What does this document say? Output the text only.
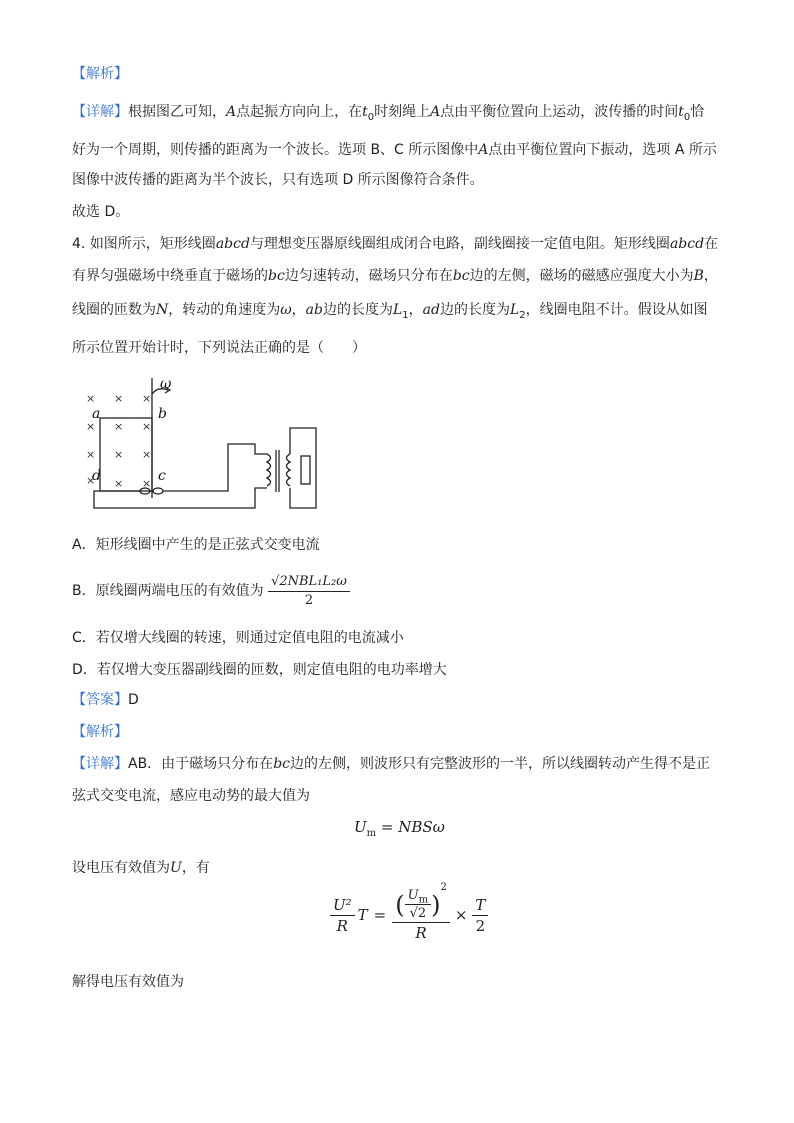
【解析】
【详解】根据图乙可知，A点起振方向向上，在$t_0$时刻绳上A点由平衡位置向上运动，波传播的时间$t_0$恰
好为一个周期，则传播的距离为一个波长。选项 B、C 所示图像中A点由平衡位置向下振动，选项 A 所示
图像中波传播的距离为半个波长，只有选项 D 所示图像符合条件。
故选 D。
4. 如图所示，矩形线圈abcd与理想变压器原线圈组成闭合电路，副线圈接一定值电阻。矩形线圈abcd在
有界匀强磁场中绕垂直于磁场的bc边匀速转动，磁场只分布在bc边的左侧，磁场的磁感应强度大小为B，
线圈的匝数为N，转动的角速度为ω，ab边的长度为$L_1$，ad边的长度为$L_2$，线圈电阻不计。假设从如图
所示位置开始计时，下列说法正确的是（　　）
ω
a	b
d	c
× × ×
× × ×
× × ×
× × ×
A．矩形线圈中产生的是正弦式交变电流
B．原线圈两端电压的有效值为 $\frac{\text{√2NBL₁L₂ω}}{2}$
C．若仅增大线圈的转速，则通过定值电阻的电流减小
D．若仅增大变压器副线圈的匝数，则定值电阻的电功率增大
【答案】D
【解析】
【详解】AB．由于磁场只分布在bc边的左侧，则波形只有完整波形的一半，所以线圈转动产生得不是正
弦式交变电流，感应电动势的最大值为
$U_m = NBS\omega$
设电压有效值为U，有
$\frac{\text{U²}}{R}$ T = ( $\frac{U_m}{√2}$ )
2
$R \times \frac{T}{2}$
解得电压有效值为
